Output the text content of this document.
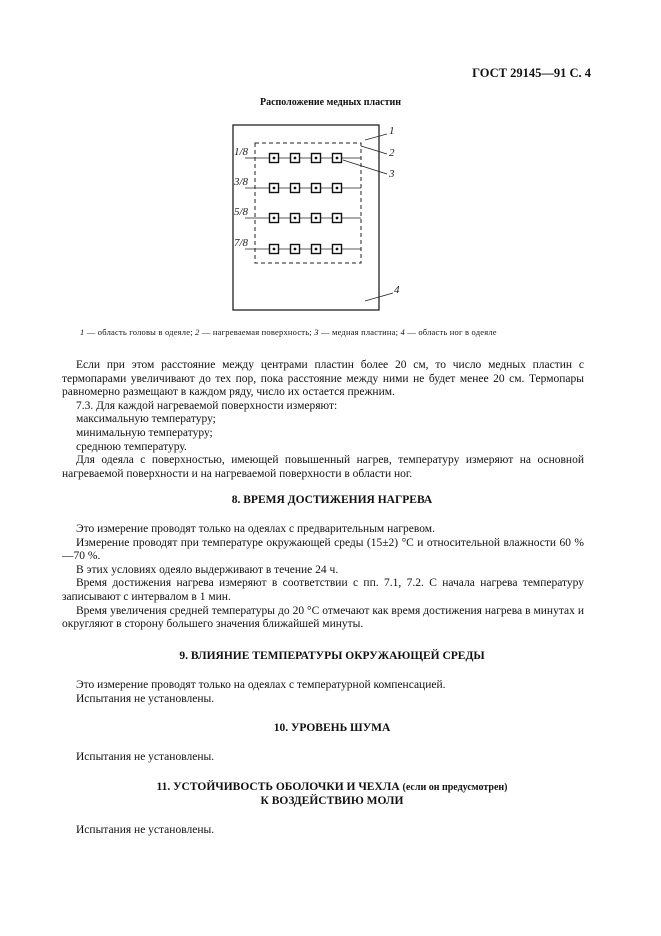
ГОСТ 29145—91 С. 4
Расположение медных пластин
1/8
3/8
5/8
7/8
1
2
3
4
1 — область головы в одеяле; 2 — нагреваемая поверхность; 3 — медная пластина; 4 — область ног в одеяле

Если при этом расстояние между центрами пластин более 20 см, то число медных пластин с термопарами увеличивают до тех пор, пока расстояние между ними не будет менее 20 см. Термопары равномерно размещают в каждом ряду, число их остается прежним.

7.3. Для каждой нагреваемой поверхности измеряют:

максимальную температуру;

минимальную температуру;

среднюю температуру.

Для одеяла с поверхностью, имеющей повышенный нагрев, температуру измеряют на основной нагреваемой поверхности и на нагреваемой поверхности в области ног.

8. ВРЕМЯ ДОСТИЖЕНИЯ НАГРЕВА

Это измерение проводят только на одеялах с предварительным нагревом.

Измерение проводят при температуре окружающей среды (15±2) °С и относительной влажности 60 %—70 %.

В этих условиях одеяло выдерживают в течение 24 ч.

Время достижения нагрева измеряют в соответствии с пп. 7.1, 7.2. С начала нагрева температуру записывают с интервалом в 1 мин.

Время увеличения средней температуры до 20 °С отмечают как время достижения нагрева в минутах и округляют в сторону большего значения ближайшей минуты.

9. ВЛИЯНИЕ ТЕМПЕРАТУРЫ ОКРУЖАЮЩЕЙ СРЕДЫ

Это измерение проводят только на одеялах с температурной компенсацией.

Испытания не установлены.

10. УРОВЕНЬ ШУМА

Испытания не установлены.

11. УСТОЙЧИВОСТЬ ОБОЛОЧКИ И ЧЕХЛА (если он предусмотрен)
К ВОЗДЕЙСТВИЮ МОЛИ

Испытания не установлены.
